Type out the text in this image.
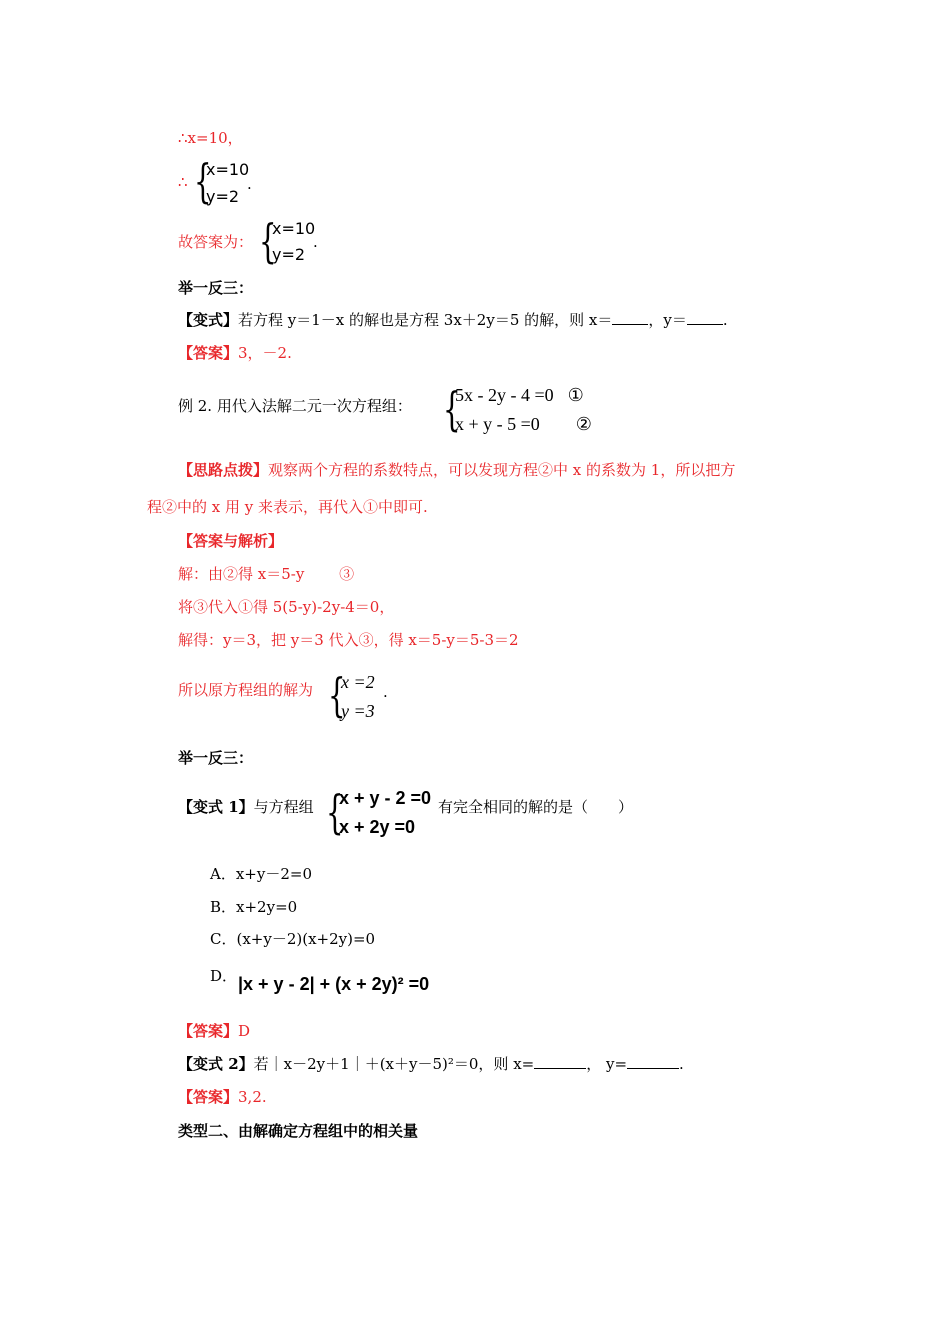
∴x=10，
∴ {
x=10
y=2
.
故答案为： {
x=10
y=2
.
举一反三：
【变式】若方程 y＝1－x 的解也是方程 3x＋2y＝5 的解，则 x＝ ，y＝ .
【答案】3，－2.
例 2. 用代入法解二元一次方程组： {
5x - 2y - 4 =0 ①
x + y - 5 =0 ②
【思路点拨】观察两个方程的系数特点，可以发现方程②中 x 的系数为 1，所以把方
程②中的 x 用 y 来表示，再代入①中即可.
【答案与解析】
解：由②得 x＝5-y　　 ③
将③代入①得 5(5-y)-2y-4＝0，
解得：y＝3，把 y＝3 代入③，得 x＝5-y＝5-3＝2
所以原方程组的解为 {
x =2
y =3
.
举一反三：
【变式 1】与方程组 {
x + y - 2 =0
x + 2y =0
有完全相同的解的是（　　）
A．x+y－2=0
B．x+2y=0
C．(x+y－2)(x+2y)=0
D． |x + y - 2| + (x + 2y)² =0
【答案】D
【变式 2】若｜x－2y＋1｜＋(x＋y－5)²＝0，则 x=	， y=	.
【答案】3,2.
类型二、由解确定方程组中的相关量
